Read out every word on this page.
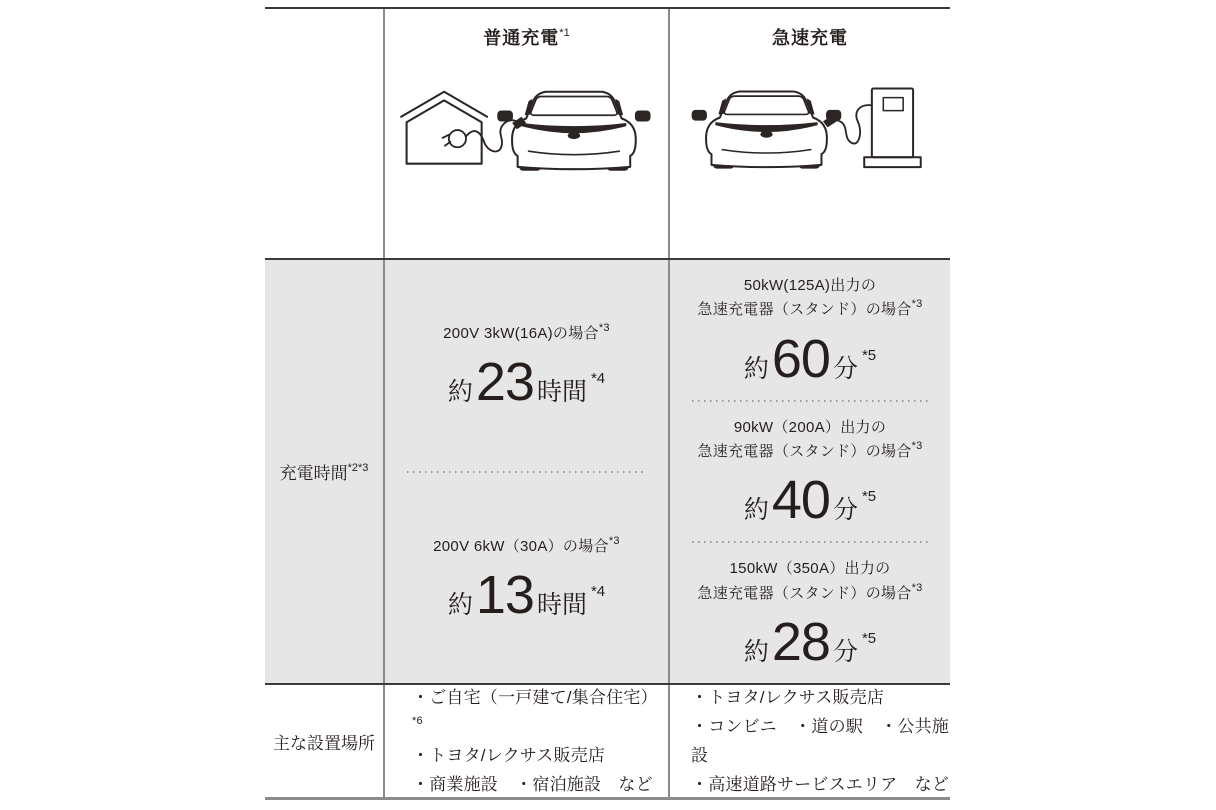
普通充電$^{*1}$	急速充電
充電時間$^{*2*3}$
200V 3kW(16A)の場合$^{*3}$
約 23 時間 *4
200V 6kW（30A）の場合$^{*3}$
約 13 時間 *4
50kW(125A)出力の
急速充電器（スタンド）の場合$^{*3}$
約 60 分 *5
90kW（200A）出力の
急速充電器（スタンド）の場合$^{*3}$
約 40 分 *5
150kW（350A）出力の
急速充電器（スタンド）の場合$^{*3}$
約 28 分 *5
主な設置場所
・ご自宅（一戸建て/集合住宅）$^{*6}$
・トヨタ/レクサス販売店
・商業施設　・宿泊施設　など
・トヨタ/レクサス販売店
・コンビニ　・道の駅　・公共施設
・高速道路サービスエリア　など
